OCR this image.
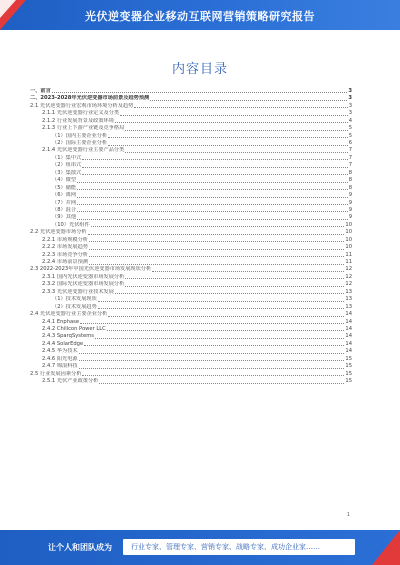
光伏逆变器企业移动互联网营销策略研究报告
内容目录
一、前言	3
二、2023-2028年光伏逆变器市场前景及趋势预测	3
2.1 光伏逆变器行业宏观市场环境分析及趋势	3
2.1.1 光伏逆变器行业定义及分类	3
2.1.2 行业发展背景及政策环境	4
2.1.3 行业上下游产业链及竞争格局	5
（1）国内主要企业分析	5
（2）国际主要企业分析	6
2.1.4 光伏逆变器行业主要产品分类	7
（1）集中式	7
（2）组串式	7
（3）集散式	8
（4）微型	8
（5）储能	8
（6）离网	9
（7）并网	9
（8）混合	9
（9）其他	9
（10）光伏组件	10
2.2 光伏逆变器市场分析	10
2.2.1 市场规模分析	10
2.2.2 市场发展趋势	10
2.2.3 市场竞争分析	11
2.2.4 市场前景预测	11
2.3 2022-2023年中国光伏逆变器市场发展现状分析	12
2.3.1 国内光伏逆变器市场发展分析	12
2.3.2 国际光伏逆变器市场发展分析	12
2.3.3 光伏逆变器行业技术发展	13
（1）技术发展现状	13
（2）技术发展趋势	13
2.4 光伏逆变器行业主要企业分析	14
2.4.1 Enphase	14
2.4.2 Chilicon Power LLC	14
2.4.3 SparqSystems	14
2.4.4 SolarEdge	14
2.4.5 华为技术	14
2.4.6 阳光电源	15
2.4.7 锦浪科技	15
2.5 行业发展因素分析	15
2.5.1 光伏产业政策分析	15
1
让个人和团队成为	行业专家、管理专家、营销专家、战略专家、成功企业家……
